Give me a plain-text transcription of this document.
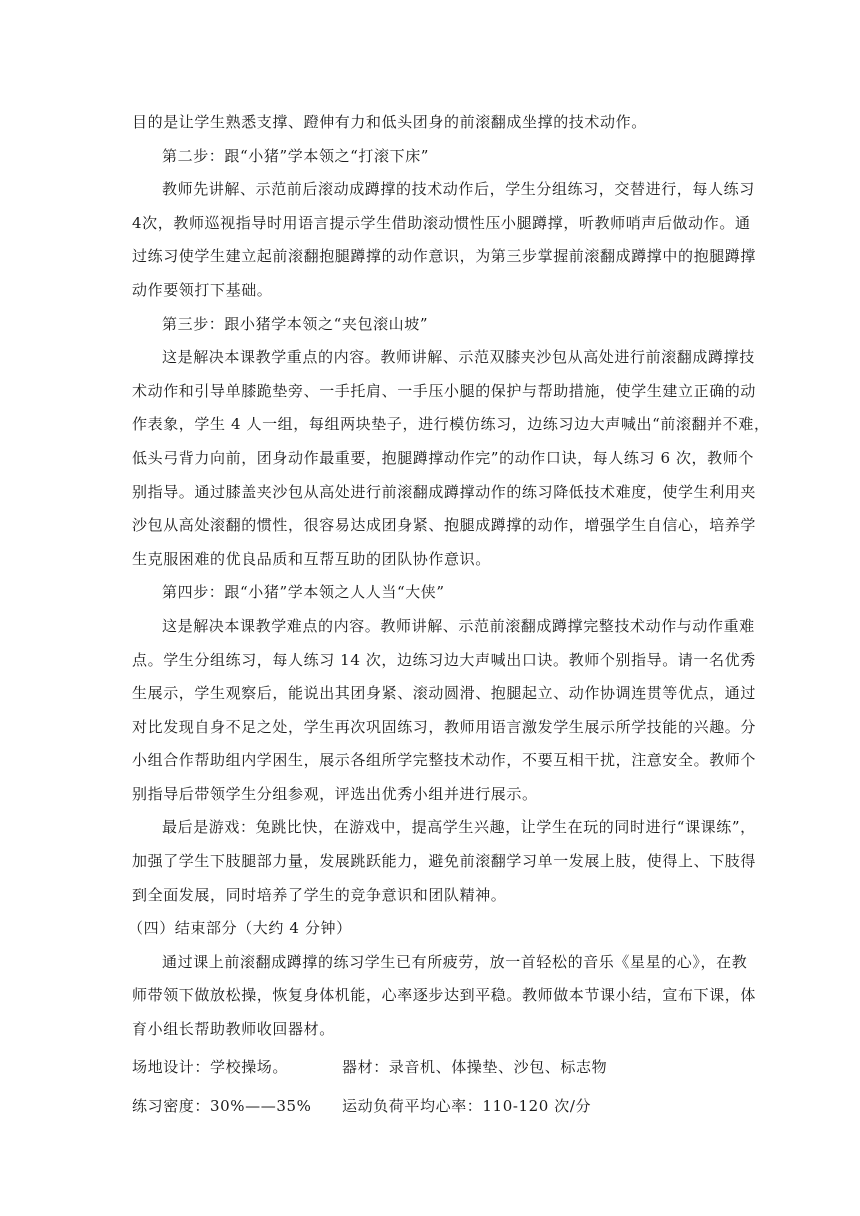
目的是让学生熟悉支撑、蹬伸有力和低头团身的前滚翻成坐撑的技术动作。

第二步：跟“小猪”学本领之“打滚下床”

教师先讲解、示范前后滚动成蹲撑的技术动作后，学生分组练习，交替进行，每人练习
4次，教师巡视指导时用语言提示学生借助滚动惯性压小腿蹲撑，听教师哨声后做动作。通
过练习使学生建立起前滚翻抱腿蹲撑的动作意识，为第三步掌握前滚翻成蹲撑中的抱腿蹲撑
动作要领打下基础。

第三步：跟小猪学本领之“夹包滚山坡”

这是解决本课教学重点的内容。教师讲解、示范双膝夹沙包从高处进行前滚翻成蹲撑技
术动作和引导单膝跪垫旁、一手托肩、一手压小腿的保护与帮助措施，使学生建立正确的动
作表象，学生 4 人一组，每组两块垫子，进行模仿练习，边练习边大声喊出“前滚翻并不难，
低头弓背力向前，团身动作最重要，抱腿蹲撑动作完”的动作口诀，每人练习 6 次，教师个
别指导。通过膝盖夹沙包从高处进行前滚翻成蹲撑动作的练习降低技术难度，使学生利用夹
沙包从高处滚翻的惯性，很容易达成团身紧、抱腿成蹲撑的动作，增强学生自信心，培养学
生克服困难的优良品质和互帮互助的团队协作意识。

第四步：跟“小猪”学本领之人人当“大侠”

这是解决本课教学难点的内容。教师讲解、示范前滚翻成蹲撑完整技术动作与动作重难
点。学生分组练习，每人练习 14 次，边练习边大声喊出口诀。教师个别指导。请一名优秀
生展示，学生观察后，能说出其团身紧、滚动圆滑、抱腿起立、动作协调连贯等优点，通过
对比发现自身不足之处，学生再次巩固练习，教师用语言激发学生展示所学技能的兴趣。分
小组合作帮助组内学困生，展示各组所学完整技术动作，不要互相干扰，注意安全。教师个
别指导后带领学生分组参观，评选出优秀小组并进行展示。

最后是游戏：兔跳比快，在游戏中，提高学生兴趣，让学生在玩的同时进行“课课练”，
加强了学生下肢腿部力量，发展跳跃能力，避免前滚翻学习单一发展上肢，使得上、下肢得
到全面发展，同时培养了学生的竞争意识和团队精神。

（四）结束部分（大约 4 分钟）

通过课上前滚翻成蹲撑的练习学生已有所疲劳，放一首轻松的音乐《星星的心》，在教
师带领下做放松操，恢复身体机能，心率逐步达到平稳。教师做本节课小结，宣布下课，体
育小组长帮助教师收回器材。

场地设计：学校操场。	器材：录音机、体操垫、沙包、标志物
练习密度：30%——35%	运动负荷平均心率：110-120 次/分
